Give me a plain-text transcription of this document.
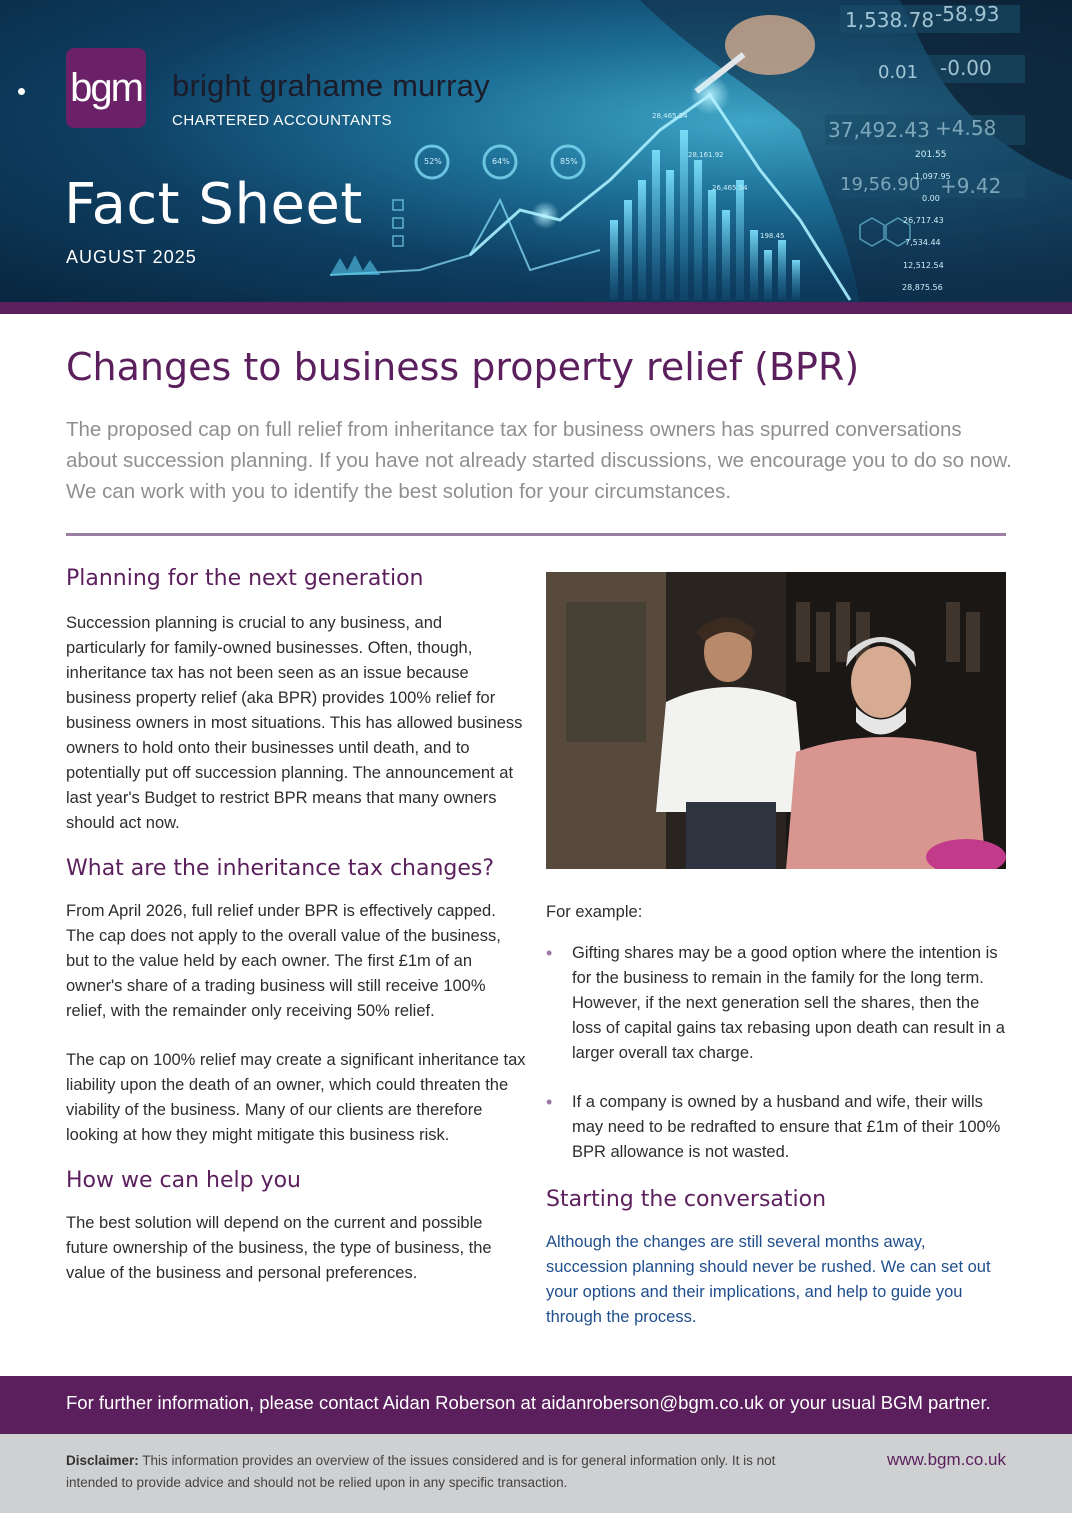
1,538.78 -58.93
0.01 -0.00
37,492.43 +4.58
19,56.90 +9.42
201.55
1,097.95
0.00
26,717.43
7,534.44
12,512.54
28,875.56
28,465.54
28,161.92
26,465.54
198.45
52%	64%	85%
bgm bright grahame murray
CHARTERED ACCOUNTANTS
Fact Sheet
AUGUST 2025
Changes to business property relief (BPR)

The proposed cap on full relief from inheritance tax for business owners has spurred conversations about succession planning. If you have not already started discussions, we encourage you to do so now. We can work with you to identify the best solution for your circumstances.

Planning for the next generation

Succession planning is crucial to any business, and particularly for family-owned businesses. Often, though, inheritance tax has not been seen as an issue because business property relief (aka BPR) provides 100% relief for business owners in most situations. This has allowed business owners to hold onto their businesses until death, and to potentially put off succession planning. The announcement at last year's Budget to restrict BPR means that many owners should act now.

What are the inheritance tax changes?

From April 2026, full relief under BPR is effectively capped. The cap does not apply to the overall value of the business, but to the value held by each owner. The first £1m of an owner's share of a trading business will still receive 100% relief, with the remainder only receiving 50% relief.

The cap on 100% relief may create a significant inheritance tax liability upon the death of an owner, which could threaten the viability of the business. Many of our clients are therefore looking at how they might mitigate this business risk.

How we can help you

The best solution will depend on the current and possible future ownership of the business, the type of business, the value of the business and personal preferences.

For example:

• Gifting shares may be a good option where the intention is for the business to remain in the family for the long term. However, if the next generation sell the shares, then the loss of capital gains tax rebasing upon death can result in a larger overall tax charge.
• If a company is owned by a husband and wife, their wills may need to be redrafted to ensure that £1m of their 100% BPR allowance is not wasted.
Starting the conversation

Although the changes are still several months away, succession planning should never be rushed. We can set out your options and their implications, and help to guide you through the process.

For further information, please contact Aidan Roberson at aidanroberson@bgm.co.uk or your usual BGM partner.

Disclaimer: This information provides an overview of the issues considered and is for general information only. It is not intended to provide advice and should not be relied upon in any specific transaction.

www.bgm.co.uk
